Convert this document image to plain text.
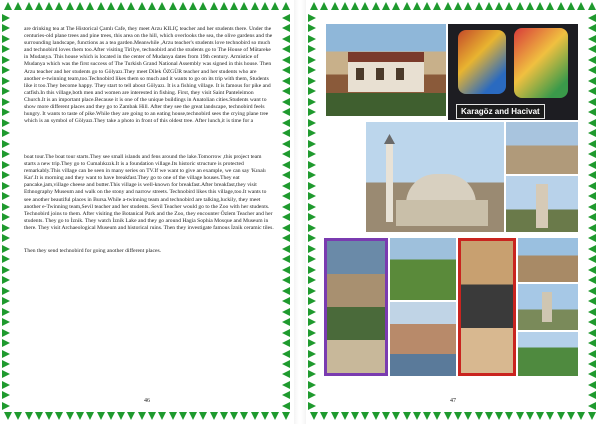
are drinking tea at The Historical Çamlı Cafe, they meet Arzu KILIÇ teacher and her students there. Under the centuries-old plane trees and pine trees, this area on the hill, which overlooks the sea, the olive gardens and the surrounding landscape, functions as a tea garden.Meanwhile ,Arzu teacher's students love technobird so much and technobird loves them too.After visiting Tirilye, technobird and the students go to The House of Mütareke in Mudanya. This house which is located in the center of Mudanya dates from 19th century. Armistice of Mudanya which was the first success of The Turkish Grand National Assembly was signed in this house. Then Arzu teacher and her students go to Gölyazı.They meet Dilek ÖZGÜR teacher and her students who are another e-twinning team,too.Technobird likes them so much and it wants to go on its trip with them, Students like it too.They become happy. They start to tell about Gölyazı. It is a fishing village. It is famous for pike and catfish.In this village,both men and women are interested in fishing. First, they visit Saint Panteleimon Church.It is an important place.Because it is one of the unique buildings in Anatolian cities.Students want to show more different places and they go to Zambak Hill. After they see the great landscape, technobird feels hungry. It wants to taste of pike.While they are going to an eating house,technobird sees the crying plane tree which is an symbol of Gölyazı.They take a photo in front of this oldest tree. After lunch,it is time for a

boat tour.The boat tour starts.They see small islands and fens around the lake.Tomorrow ,this project team starts a new trip.They go to Cumalıkızık.It is a foundation village.Its historic structure is protected remarkably.This village can be seen in many series on TV.If we want to give an example, we can say 'Kınalı Kar'.It is morning and they want to have breakfast.They go to one of the village houses.They eat pancake,jam,village cheese and butter.This village is well-known for breakfast.After breakfast,they visit Ethnography Museum and walk on the stony and narrow streets. Technobird likes this village,too.It wants to see another beautiful places in Bursa.While a-twinning team and technobird are talking,luckily, they meet another e-Twinning team,Sevil teacher and her students. Sevil Teacher would go to the Zoo with her students. Technobird joins to them. After visiting the Botanical Park and the Zoo, they encounter Özlem Teacher and her students. They go to İznik. They watch İznik Lake and they go around Hagia Sophia Mosque and Museum in there. They visit Archaeological Museum and historical ruins. Then they investigate famous İznik ceramic tiles.

Then they send technobird for going another different places.

46
Karagöz and Hacivat
47
